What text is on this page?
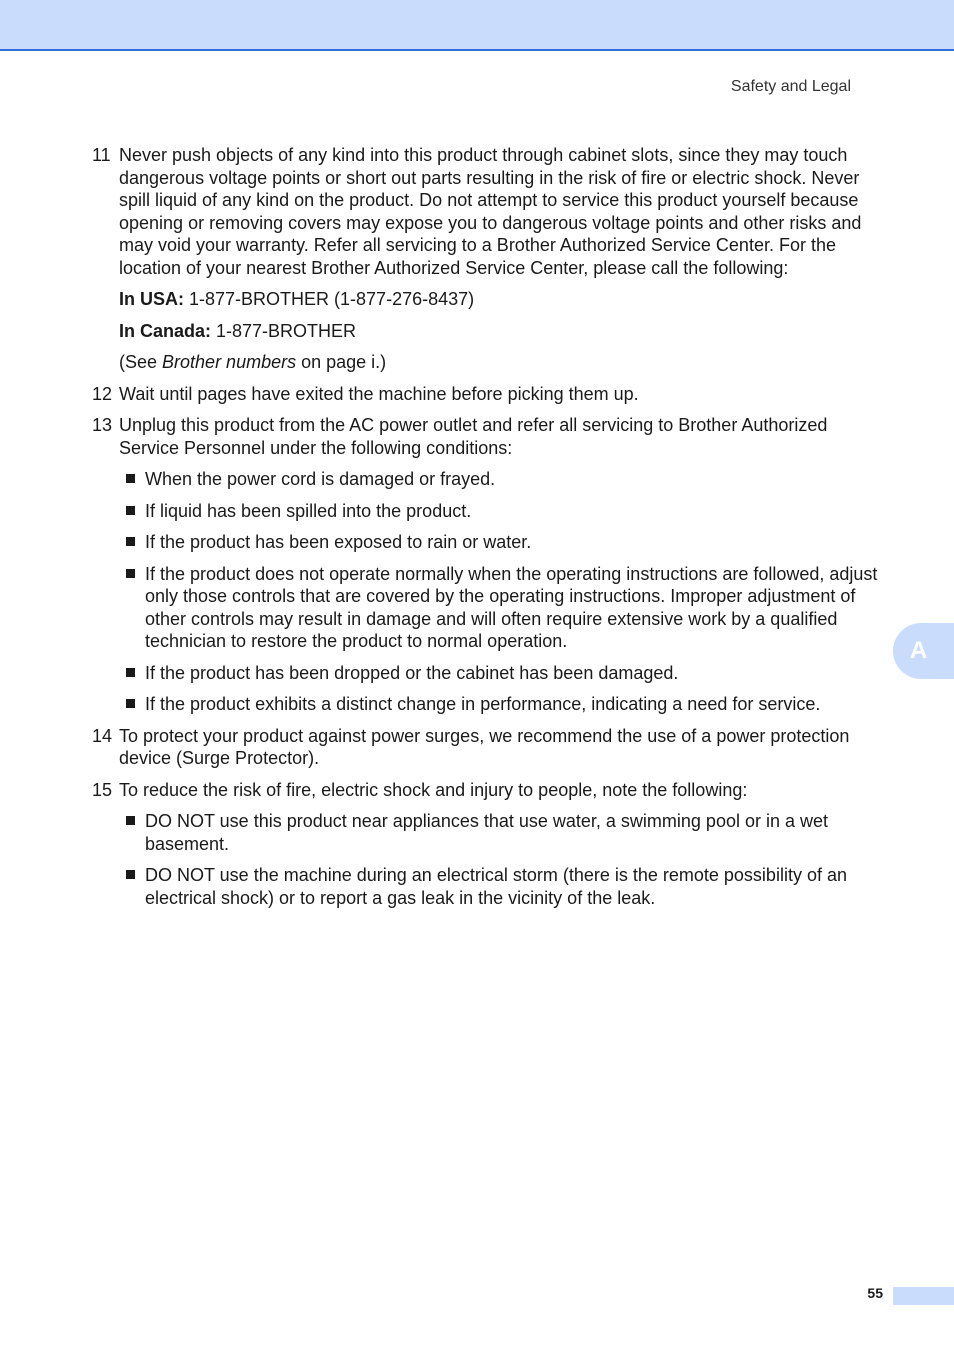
Safety and Legal
11 Never push objects of any kind into this product through cabinet slots, since they may touch dangerous voltage points or short out parts resulting in the risk of fire or electric shock. Never spill liquid of any kind on the product. Do not attempt to service this product yourself because opening or removing covers may expose you to dangerous voltage points and other risks and may void your warranty. Refer all servicing to a Brother Authorized Service Center. For the location of your nearest Brother Authorized Service Center, please call the following:

In USA: 1-877-BROTHER (1-877-276-8437)

In Canada: 1-877-BROTHER

(See Brother numbers on page i.)

12 Wait until pages have exited the machine before picking them up.

13 Unplug this product from the AC power outlet and refer all servicing to Brother Authorized Service Personnel under the following conditions:

When the power cord is damaged or frayed.
If liquid has been spilled into the product.
If the product has been exposed to rain or water.
If the product does not operate normally when the operating instructions are followed, adjust only those controls that are covered by the operating instructions. Improper adjustment of other controls may result in damage and will often require extensive work by a qualified technician to restore the product to normal operation.
If the product has been dropped or the cabinet has been damaged.
If the product exhibits a distinct change in performance, indicating a need for service.
14 To protect your product against power surges, we recommend the use of a power protection device (Surge Protector).

15 To reduce the risk of fire, electric shock and injury to people, note the following:

DO NOT use this product near appliances that use water, a swimming pool or in a wet basement.
DO NOT use the machine during an electrical storm (there is the remote possibility of an electrical shock) or to report a gas leak in the vicinity of the leak.
A
55
